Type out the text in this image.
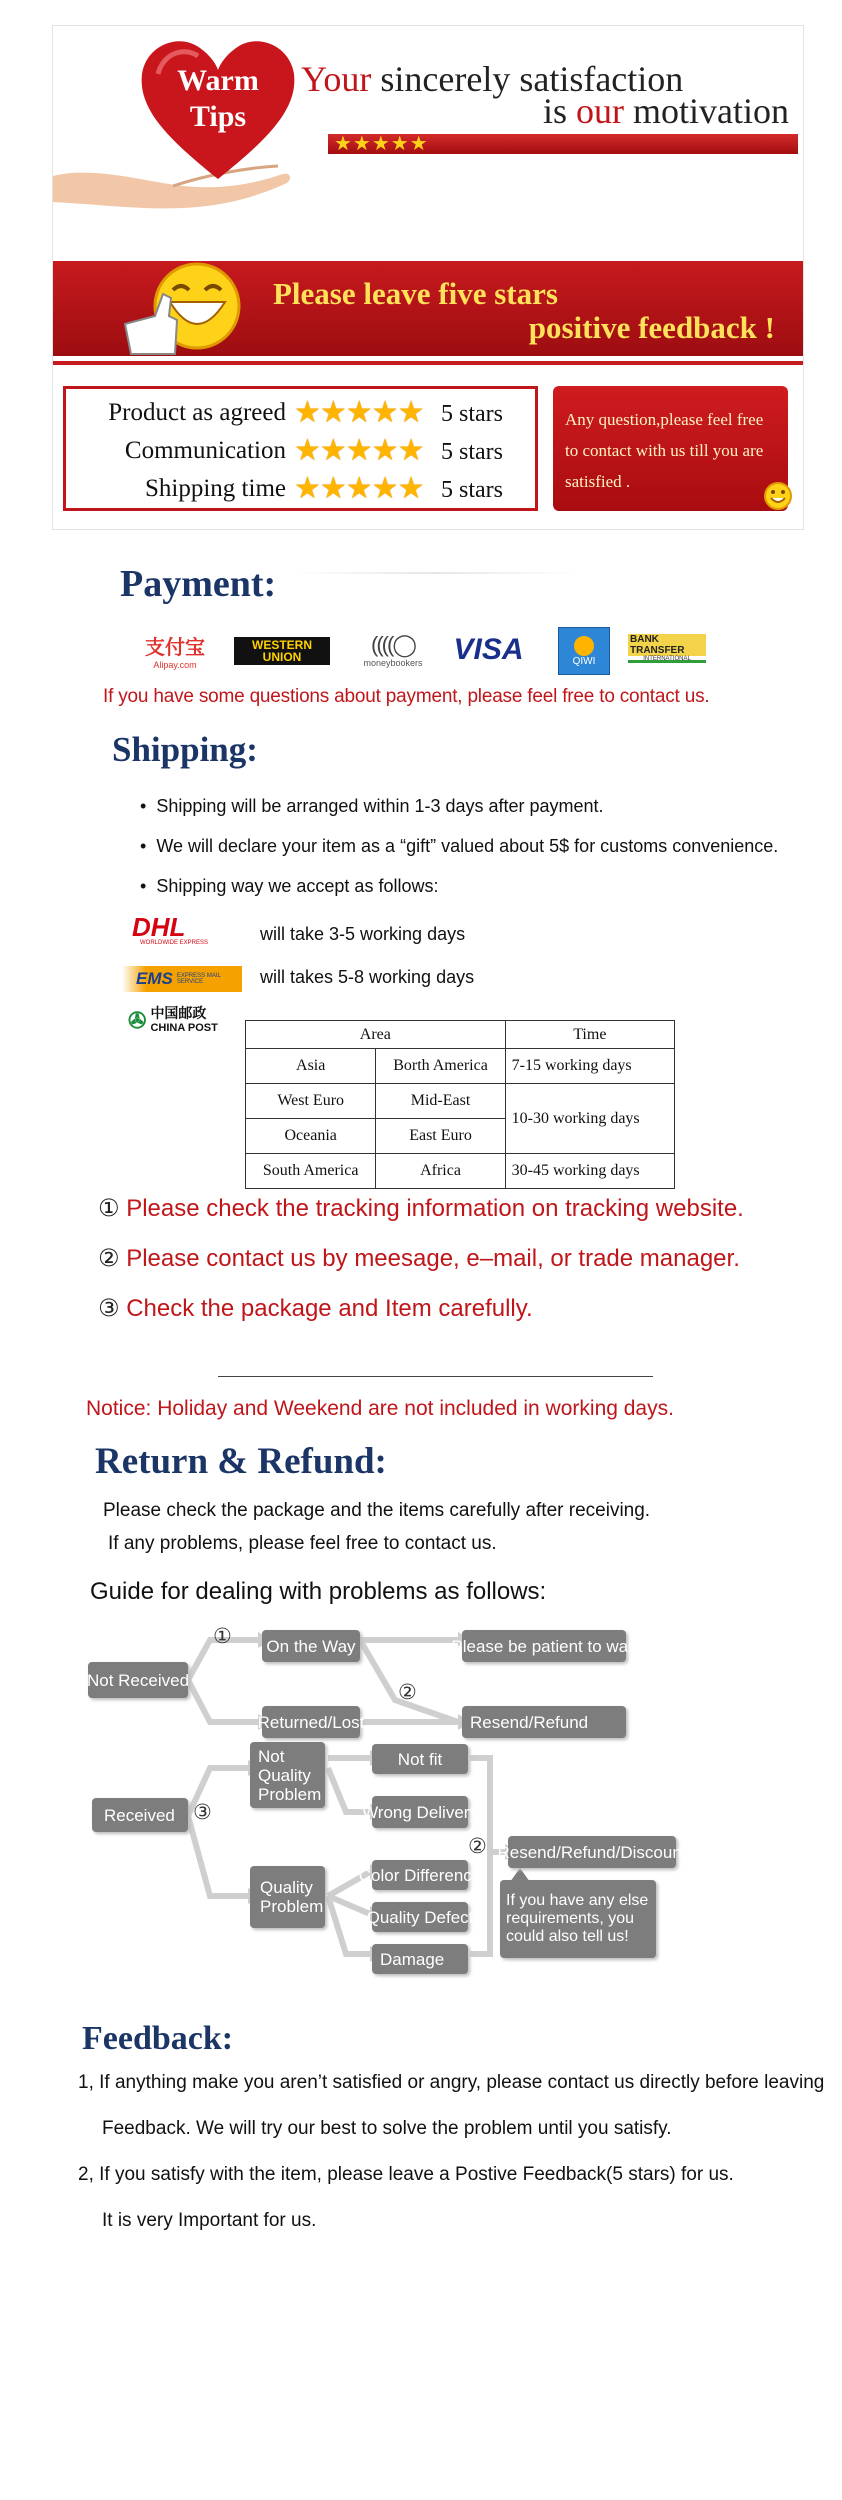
Warm
Tips
Your sincerely satisfaction
is our motivation
★★★★★
Please leave five stars
positive feedback !
Product as agreed ★★★★★ 5 stars
Communication ★★★★★ 5 stars
Shipping time ★★★★★ 5 stars
Any question,please feel free to contact with us till you are satisfied .
Payment:
支付宝
Alipay.com
WESTERN UNION	((((◯
moneybookers VISA	QIWI
BANK TRANSFER
INTERNATIONAL
If you have some questions about payment, please feel free to contact us.
Shipping:
•  Shipping will be arranged within 1-3 days after payment.
•  We will declare your item as a “gift” valued about 5$ for customs convenience.
•  Shipping way we accept as follows:
DHL
WORLDWIDE EXPRESS	will take 3-5 working days
EMS EXPRESS MAIL SERVICE	will takes 5-8 working days
✇ 中国邮政
CHINA POST	Area		Time
Asia	Borth America	7-15 working days
West Euro	Mid-East	10-30 working days
Oceania	East Euro	
South America	Africa	30-45 working days
① Please check the tracking information on tracking website.
② Please contact us by meesage, e–mail, or trade manager.
③ Check the package and Item carefully.
Notice: Holiday and Weekend are not included in working days.
Return & Refund:
Please check the package and the items carefully after receiving.
If any problems, please feel free to contact us.
Guide for dealing with problems as follows:
Not Received
① On the Way	Please be patient to wait
Returned/Lost
②
Resend/Refund
Received ③
Not Quality Problem
Not fit
Wrong Delivery
Quality Problem
Color Difference
Quality Defect
Damage
② Resend/Refund/Discount
If you have any else requirements, you could also tell us!
Feedback:
1, If anything make you aren’t satisfied or angry, please contact us directly before leaving
Feedback. We will try our best to solve the problem until you satisfy.
2, If you satisfy with the item, please leave a Postive Feedback(5 stars) for us.
It is very Important for us.
